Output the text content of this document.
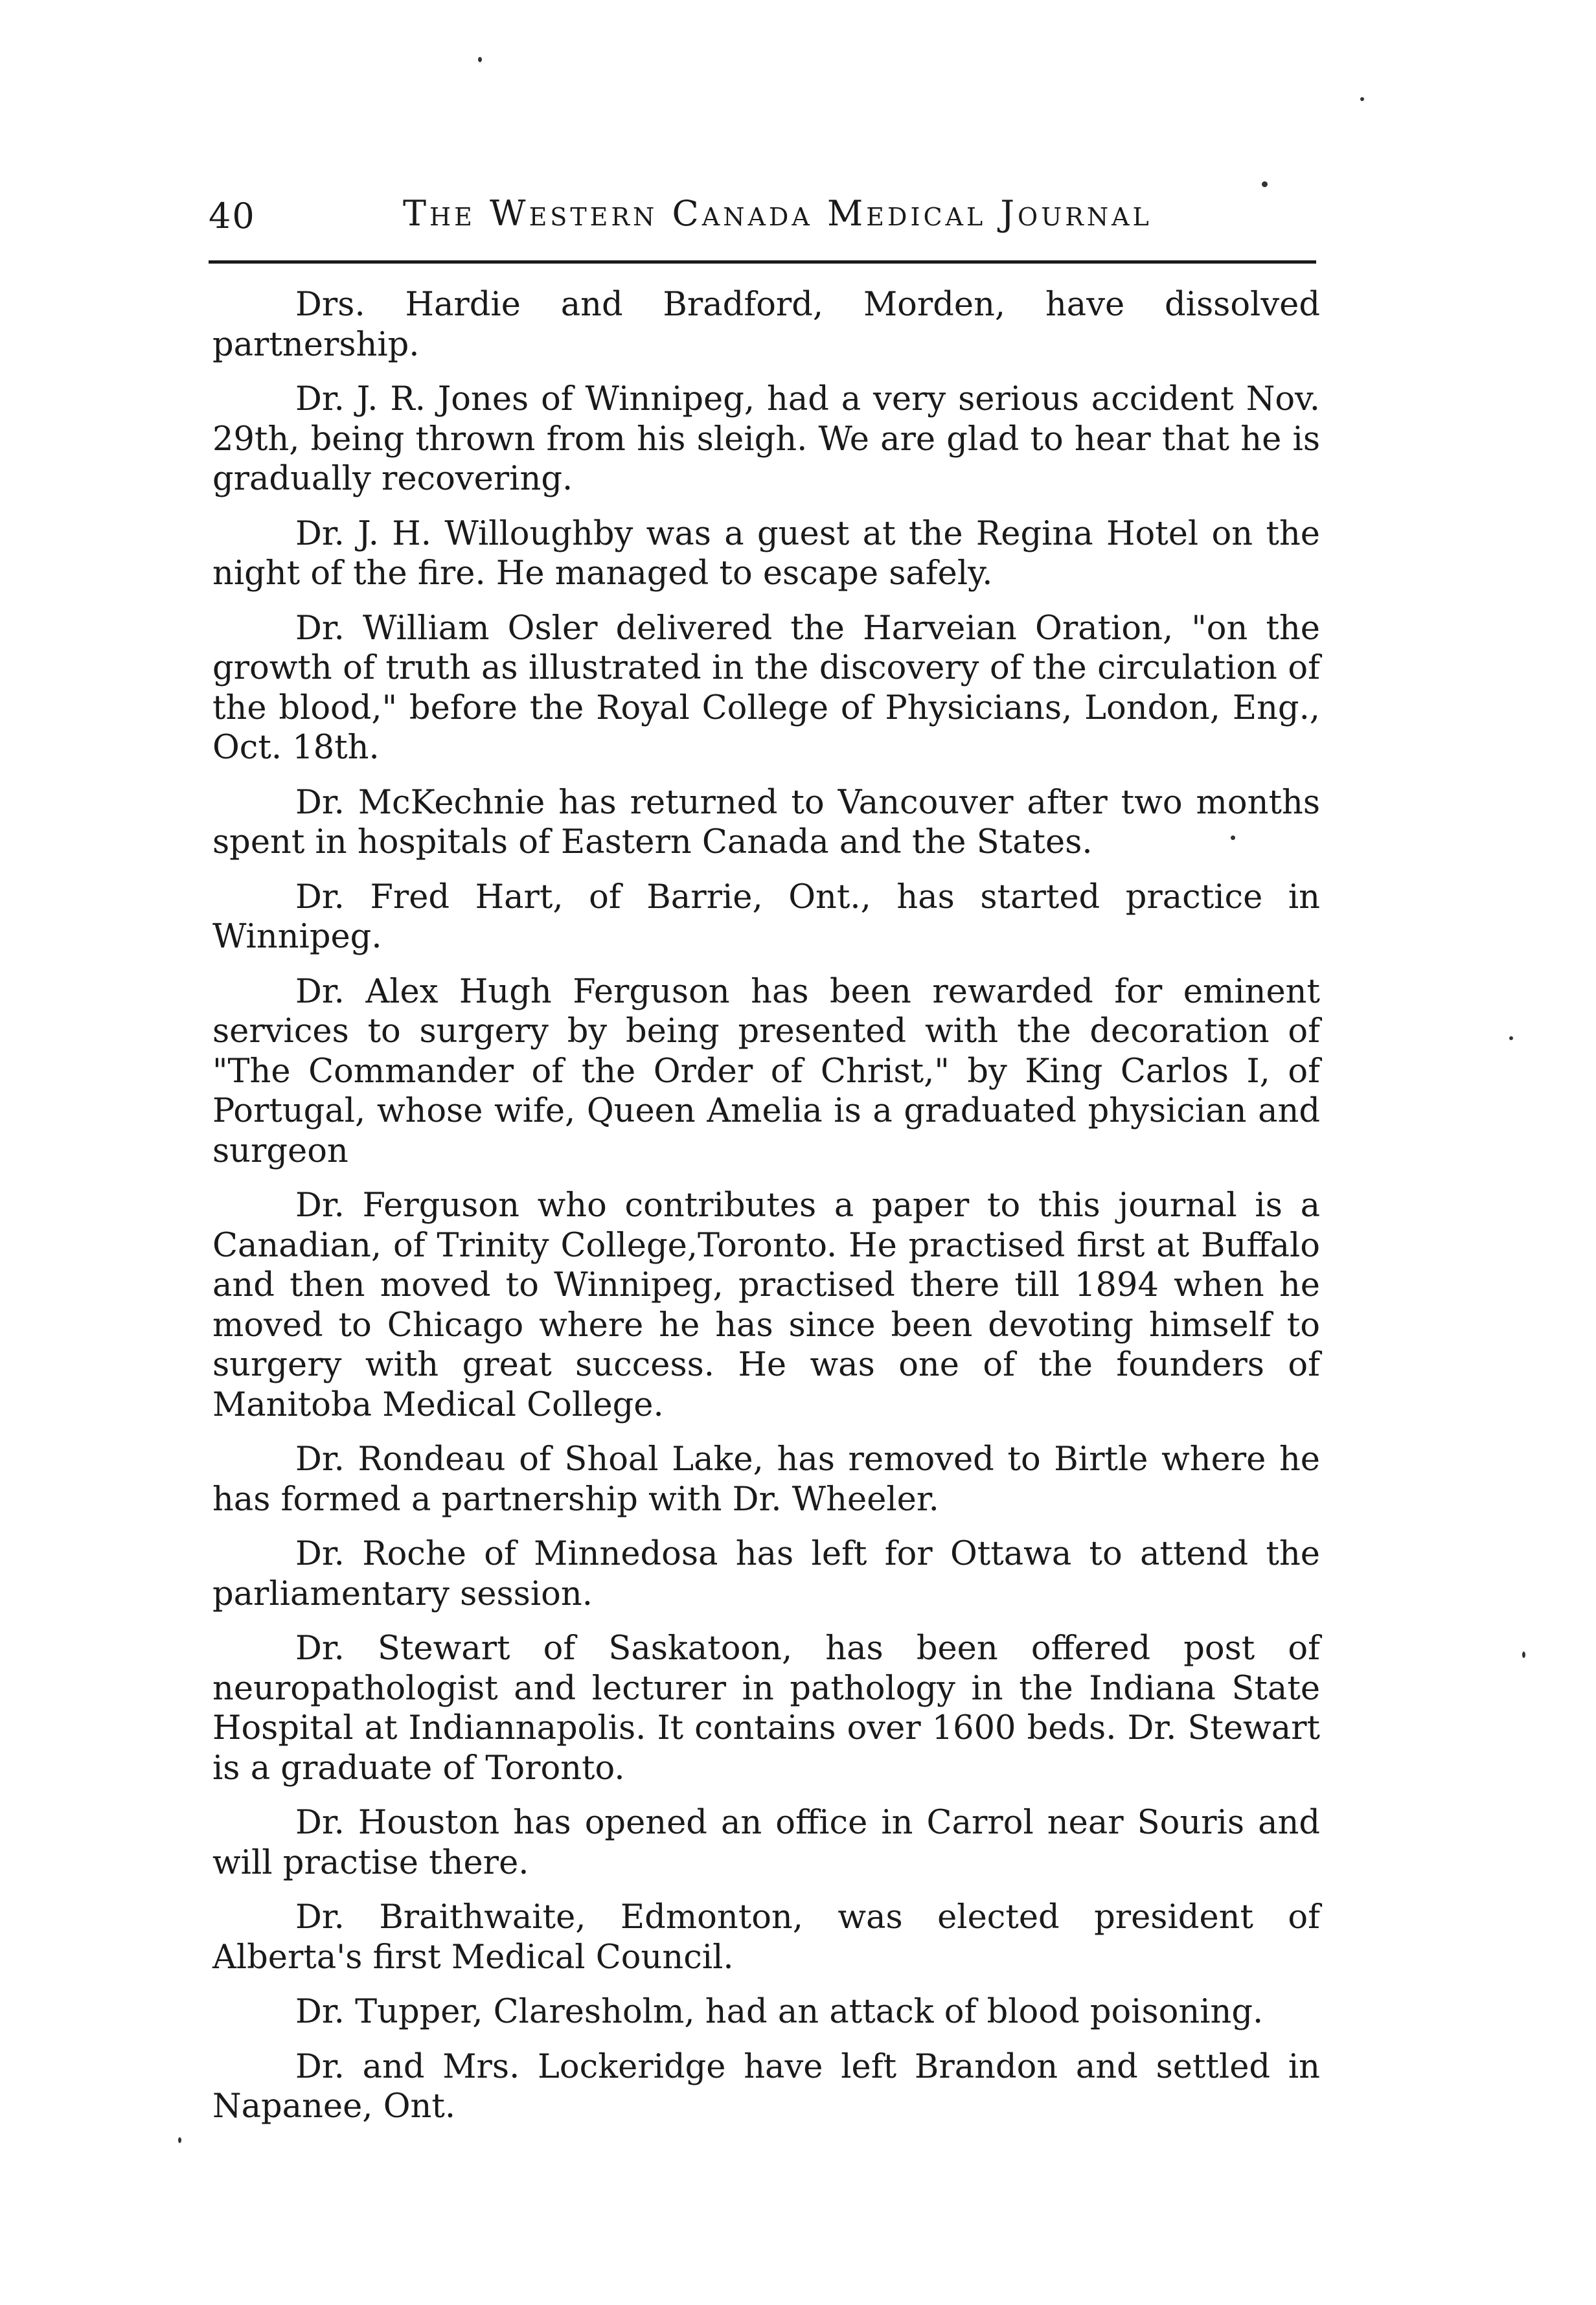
40	The Western Canada Medical Journal

Drs. Hardie and Bradford, Morden, have dissolved partnership.

Dr. J. R. Jones of Winnipeg, had a very serious accident Nov. 29th, being thrown from his sleigh. We are glad to hear that he is gradually recovering.

Dr. J. H. Willoughby was a guest at the Regina Hotel on the night of the fire. He managed to escape safely.

Dr. William Osler delivered the Harveian Oration, "on the growth of truth as illustrated in the discovery of the circulation of the blood," before the Royal College of Physicians, London, Eng., Oct. 18th.

Dr. McKechnie has returned to Vancouver after two months spent in hospitals of Eastern Canada and the States.

Dr. Fred Hart, of Barrie, Ont., has started practice in Winnipeg.

Dr. Alex Hugh Ferguson has been rewarded for eminent services to surgery by being presented with the decoration of "The Commander of the Order of Christ," by King Carlos I, of Portugal, whose wife, Queen Amelia is a graduated physician and surgeon

Dr. Ferguson who contributes a paper to this journal is a Canadian, of Trinity College,Toronto. He practised first at Buffalo and then moved to Winnipeg, practised there till 1894 when he moved to Chicago where he has since been devoting himself to surgery with great success. He was one of the founders of Manitoba Medical College.

Dr. Rondeau of Shoal Lake, has removed to Birtle where he has formed a partnership with Dr. Wheeler.

Dr. Roche of Minnedosa has left for Ottawa to attend the parliamentary session.

Dr. Stewart of Saskatoon, has been offered post of neuropathologist and lecturer in pathology in the Indiana State Hospital at Indiannapolis. It contains over 1600 beds. Dr. Stewart is a graduate of Toronto.

Dr. Houston has opened an office in Carrol near Souris and will practise there.

Dr. Braithwaite, Edmonton, was elected president of Alberta's first Medical Council.

Dr. Tupper, Claresholm, had an attack of blood poisoning.

Dr. and Mrs. Lockeridge have left Brandon and settled in Napanee, Ont.
